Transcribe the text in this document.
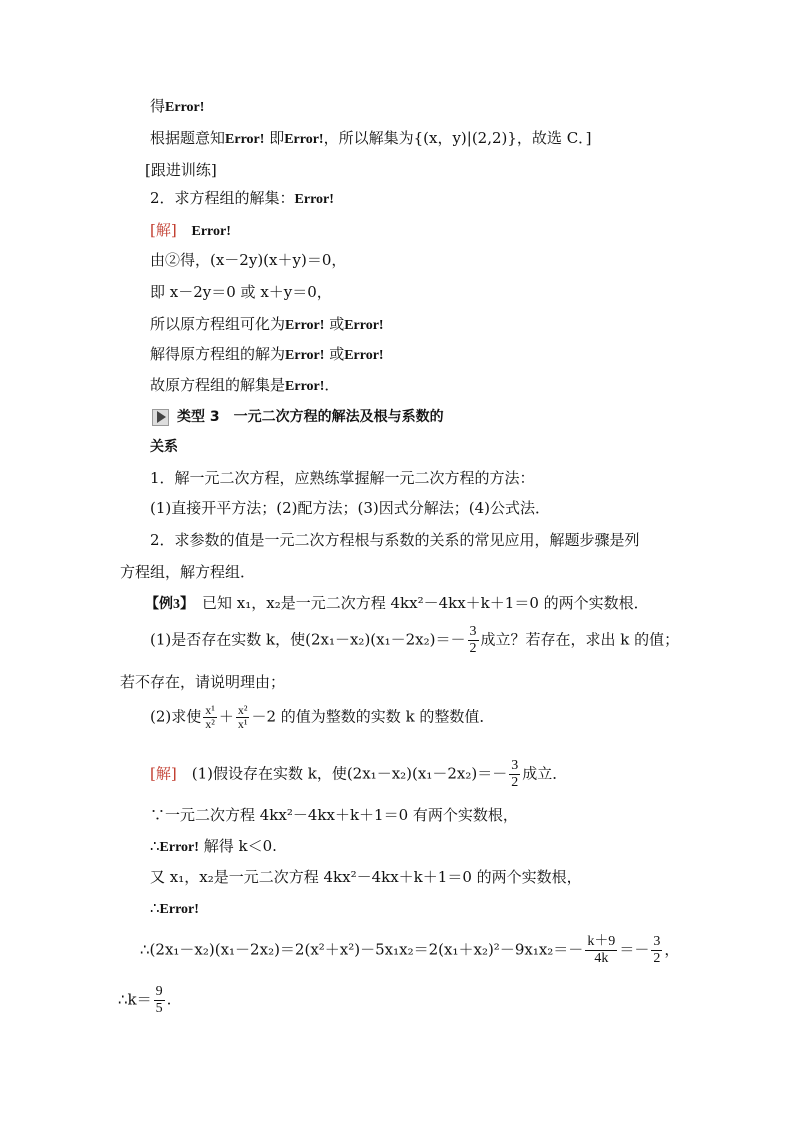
得Error!
根据题意知Error! 即Error!，所以解集为{(x，y)|(2,2)}，故选 C．]
[跟进训练]
2．求方程组的解集：Error!
[解] Error!
由②得，(x－2y)(x＋y)＝0，
即 x－2y＝0 或 x＋y＝0，
所以原方程组可化为Error! 或Error!
解得原方程组的解为Error! 或Error!
故原方程组的解集是Error!．
类型 3　一元二次方程的解法及根与系数的
关系
1．解一元二次方程，应熟练掌握解一元二次方程的方法：
(1)直接开平方法；(2)配方法；(3)因式分解法；(4)公式法．
2．求参数的值是一元二次方程根与系数的关系的常见应用，解题步骤是列
方程组，解方程组．
【例3】　已知 x₁，x₂是一元二次方程 4kx²－4kx＋k＋1＝0 的两个实数根．
(1)是否存在实数 k，使$(2x_1-x_2)(x_1-2x_2)=- \frac{3}{2}$ 成立？若存在，求出 k 的值；
若不存在，请说明理由；
(2)求使 $\frac{\text{x¹}}{\text{x²}} + \frac{\text{x²}}{\text{x¹}} -2$ 的值为整数的实数 k 的整数值．
[解]　(1)假设存在实数 k，使$(2x_1-x_2)(x_1-2x_2)=- \frac{3}{2}$ 成立．
∵一元二次方程 4kx²－4kx＋k＋1＝0 有两个实数根，
∴Error! 解得 k＜0.
又 x₁，x₂是一元二次方程 4kx²－4kx＋k＋1＝0 的两个实数根，
∴Error!
∴(2x₁－x₂)(x₁－2x₂)＝2(x²＋x²)－5x₁x₂＝2(x₁＋x₂)²－9x₁x₂＝－ $\frac{k+9}{4k} =- \frac{3}{2}$ ，
∴k＝ $\frac{9}{5}$ .
